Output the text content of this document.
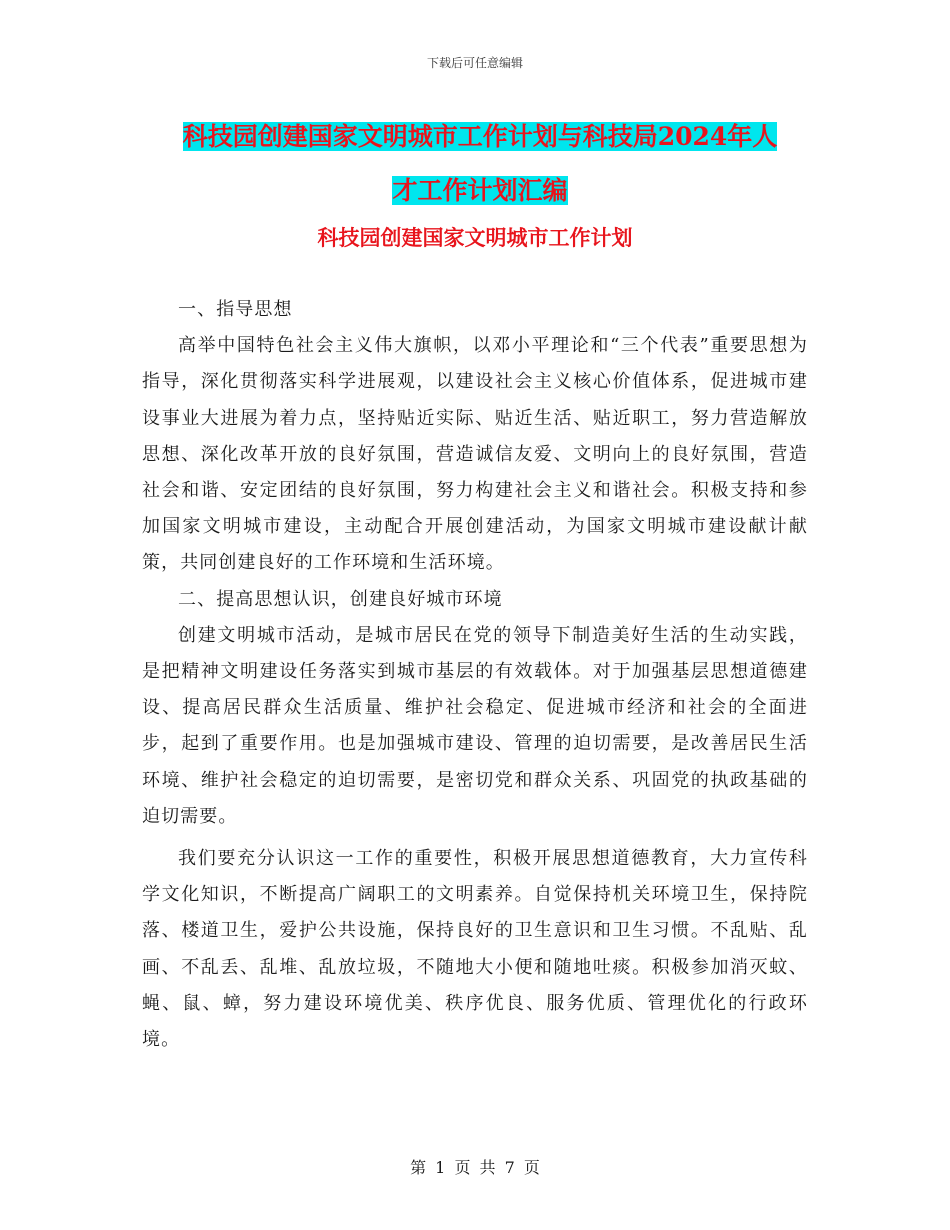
下载后可任意编辑
科技园创建国家文明城市工作计划与科技局2024年人
才工作计划汇编
科技园创建国家文明城市工作计划

一、指导思想

高举中国特色社会主义伟大旗帜，以邓小平理论和“三个代表”重要思想为指导，深化贯彻落实科学进展观，以建设社会主义核心价值体系，促进城市建设事业大进展为着力点，坚持贴近实际、贴近生活、贴近职工，努力营造解放思想、深化改革开放的良好氛围，营造诚信友爱、文明向上的良好氛围，营造社会和谐、安定团结的良好氛围，努力构建社会主义和谐社会。积极支持和参加国家文明城市建设，主动配合开展创建活动，为国家文明城市建设献计献策，共同创建良好的工作环境和生活环境。

二、提高思想认识，创建良好城市环境

创建文明城市活动，是城市居民在党的领导下制造美好生活的生动实践，是把精神文明建设任务落实到城市基层的有效载体。对于加强基层思想道德建设、提高居民群众生活质量、维护社会稳定、促进城市经济和社会的全面进步，起到了重要作用。也是加强城市建设、管理的迫切需要，是改善居民生活环境、维护社会稳定的迫切需要，是密切党和群众关系、巩固党的执政基础的迫切需要。

我们要充分认识这一工作的重要性，积极开展思想道德教育，大力宣传科学文化知识，不断提高广阔职工的文明素养。自觉保持机关环境卫生，保持院落、楼道卫生，爱护公共设施，保持良好的卫生意识和卫生习惯。不乱贴、乱画、不乱丢、乱堆、乱放垃圾，不随地大小便和随地吐痰。积极参加消灭蚊、蝇、鼠、蟑，努力建设环境优美、秩序优良、服务优质、管理优化的行政环境。

第 1 页 共 7 页
